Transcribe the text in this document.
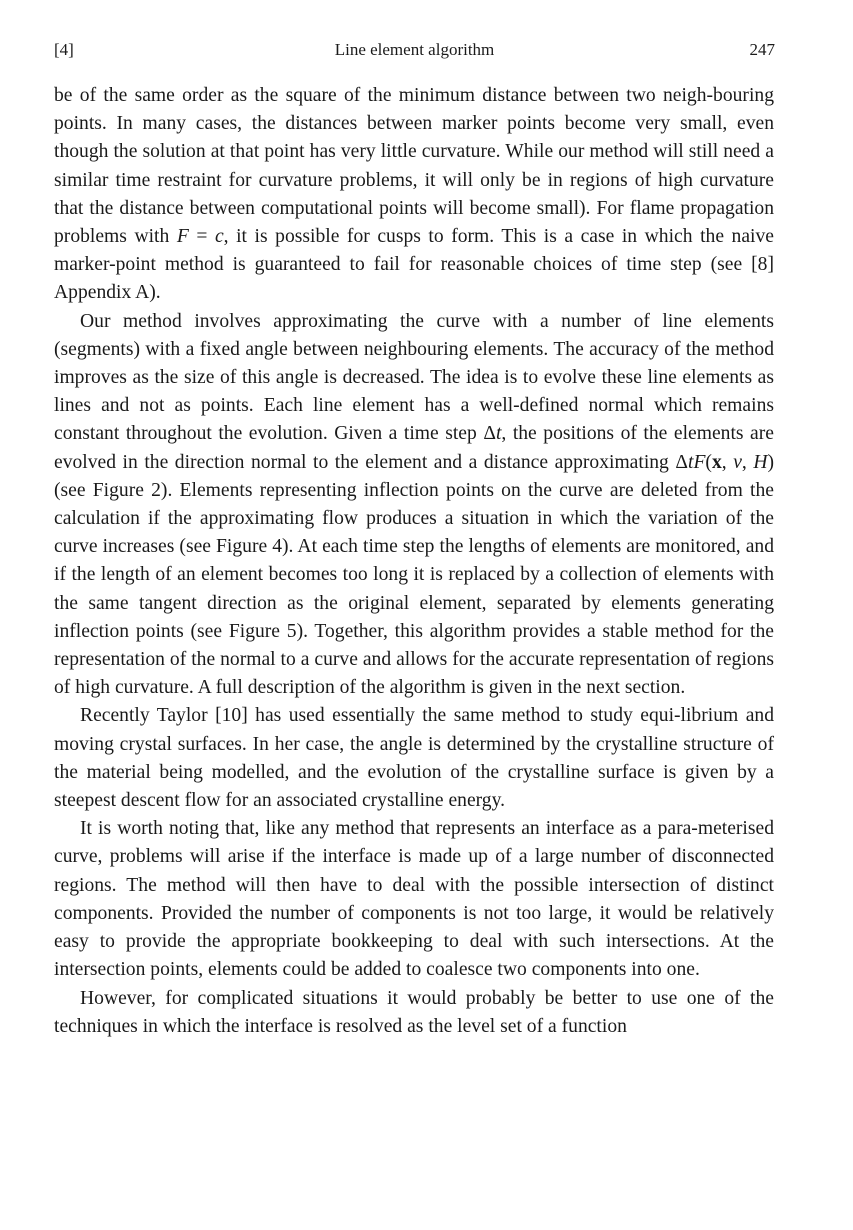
[4]	Line element algorithm	247

be of the same order as the square of the minimum distance between two neigh-bouring points. In many cases, the distances between marker points become very small, even though the solution at that point has very little curvature. While our method will still need a similar time restraint for curvature problems, it will only be in regions of high curvature that the distance between computational points will become small). For flame propagation problems with F = c, it is possible for cusps to form. This is a case in which the naive marker-point method is guaranteed to fail for reasonable choices of time step (see [8] Appendix A).

Our method involves approximating the curve with a number of line elements (segments) with a fixed angle between neighbouring elements. The accuracy of the method improves as the size of this angle is decreased. The idea is to evolve these line elements as lines and not as points. Each line element has a well-defined normal which remains constant throughout the evolution. Given a time step Δt, the positions of the elements are evolved in the direction normal to the element and a distance approximating ΔtF(x, ν, H) (see Figure 2). Elements representing inflection points on the curve are deleted from the calculation if the approximating flow produces a situation in which the variation of the curve increases (see Figure 4). At each time step the lengths of elements are monitored, and if the length of an element becomes too long it is replaced by a collection of elements with the same tangent direction as the original element, separated by elements generating inflection points (see Figure 5). Together, this algorithm provides a stable method for the representation of the normal to a curve and allows for the accurate representation of regions of high curvature. A full description of the algorithm is given in the next section.

Recently Taylor [10] has used essentially the same method to study equi-librium and moving crystal surfaces. In her case, the angle is determined by the crystalline structure of the material being modelled, and the evolution of the crystalline surface is given by a steepest descent flow for an associated crystalline energy.

It is worth noting that, like any method that represents an interface as a para-meterised curve, problems will arise if the interface is made up of a large number of disconnected regions. The method will then have to deal with the possible intersection of distinct components. Provided the number of components is not too large, it would be relatively easy to provide the appropriate bookkeeping to deal with such intersections. At the intersection points, elements could be added to coalesce two components into one.

However, for complicated situations it would probably be better to use one of the techniques in which the interface is resolved as the level set of a function
